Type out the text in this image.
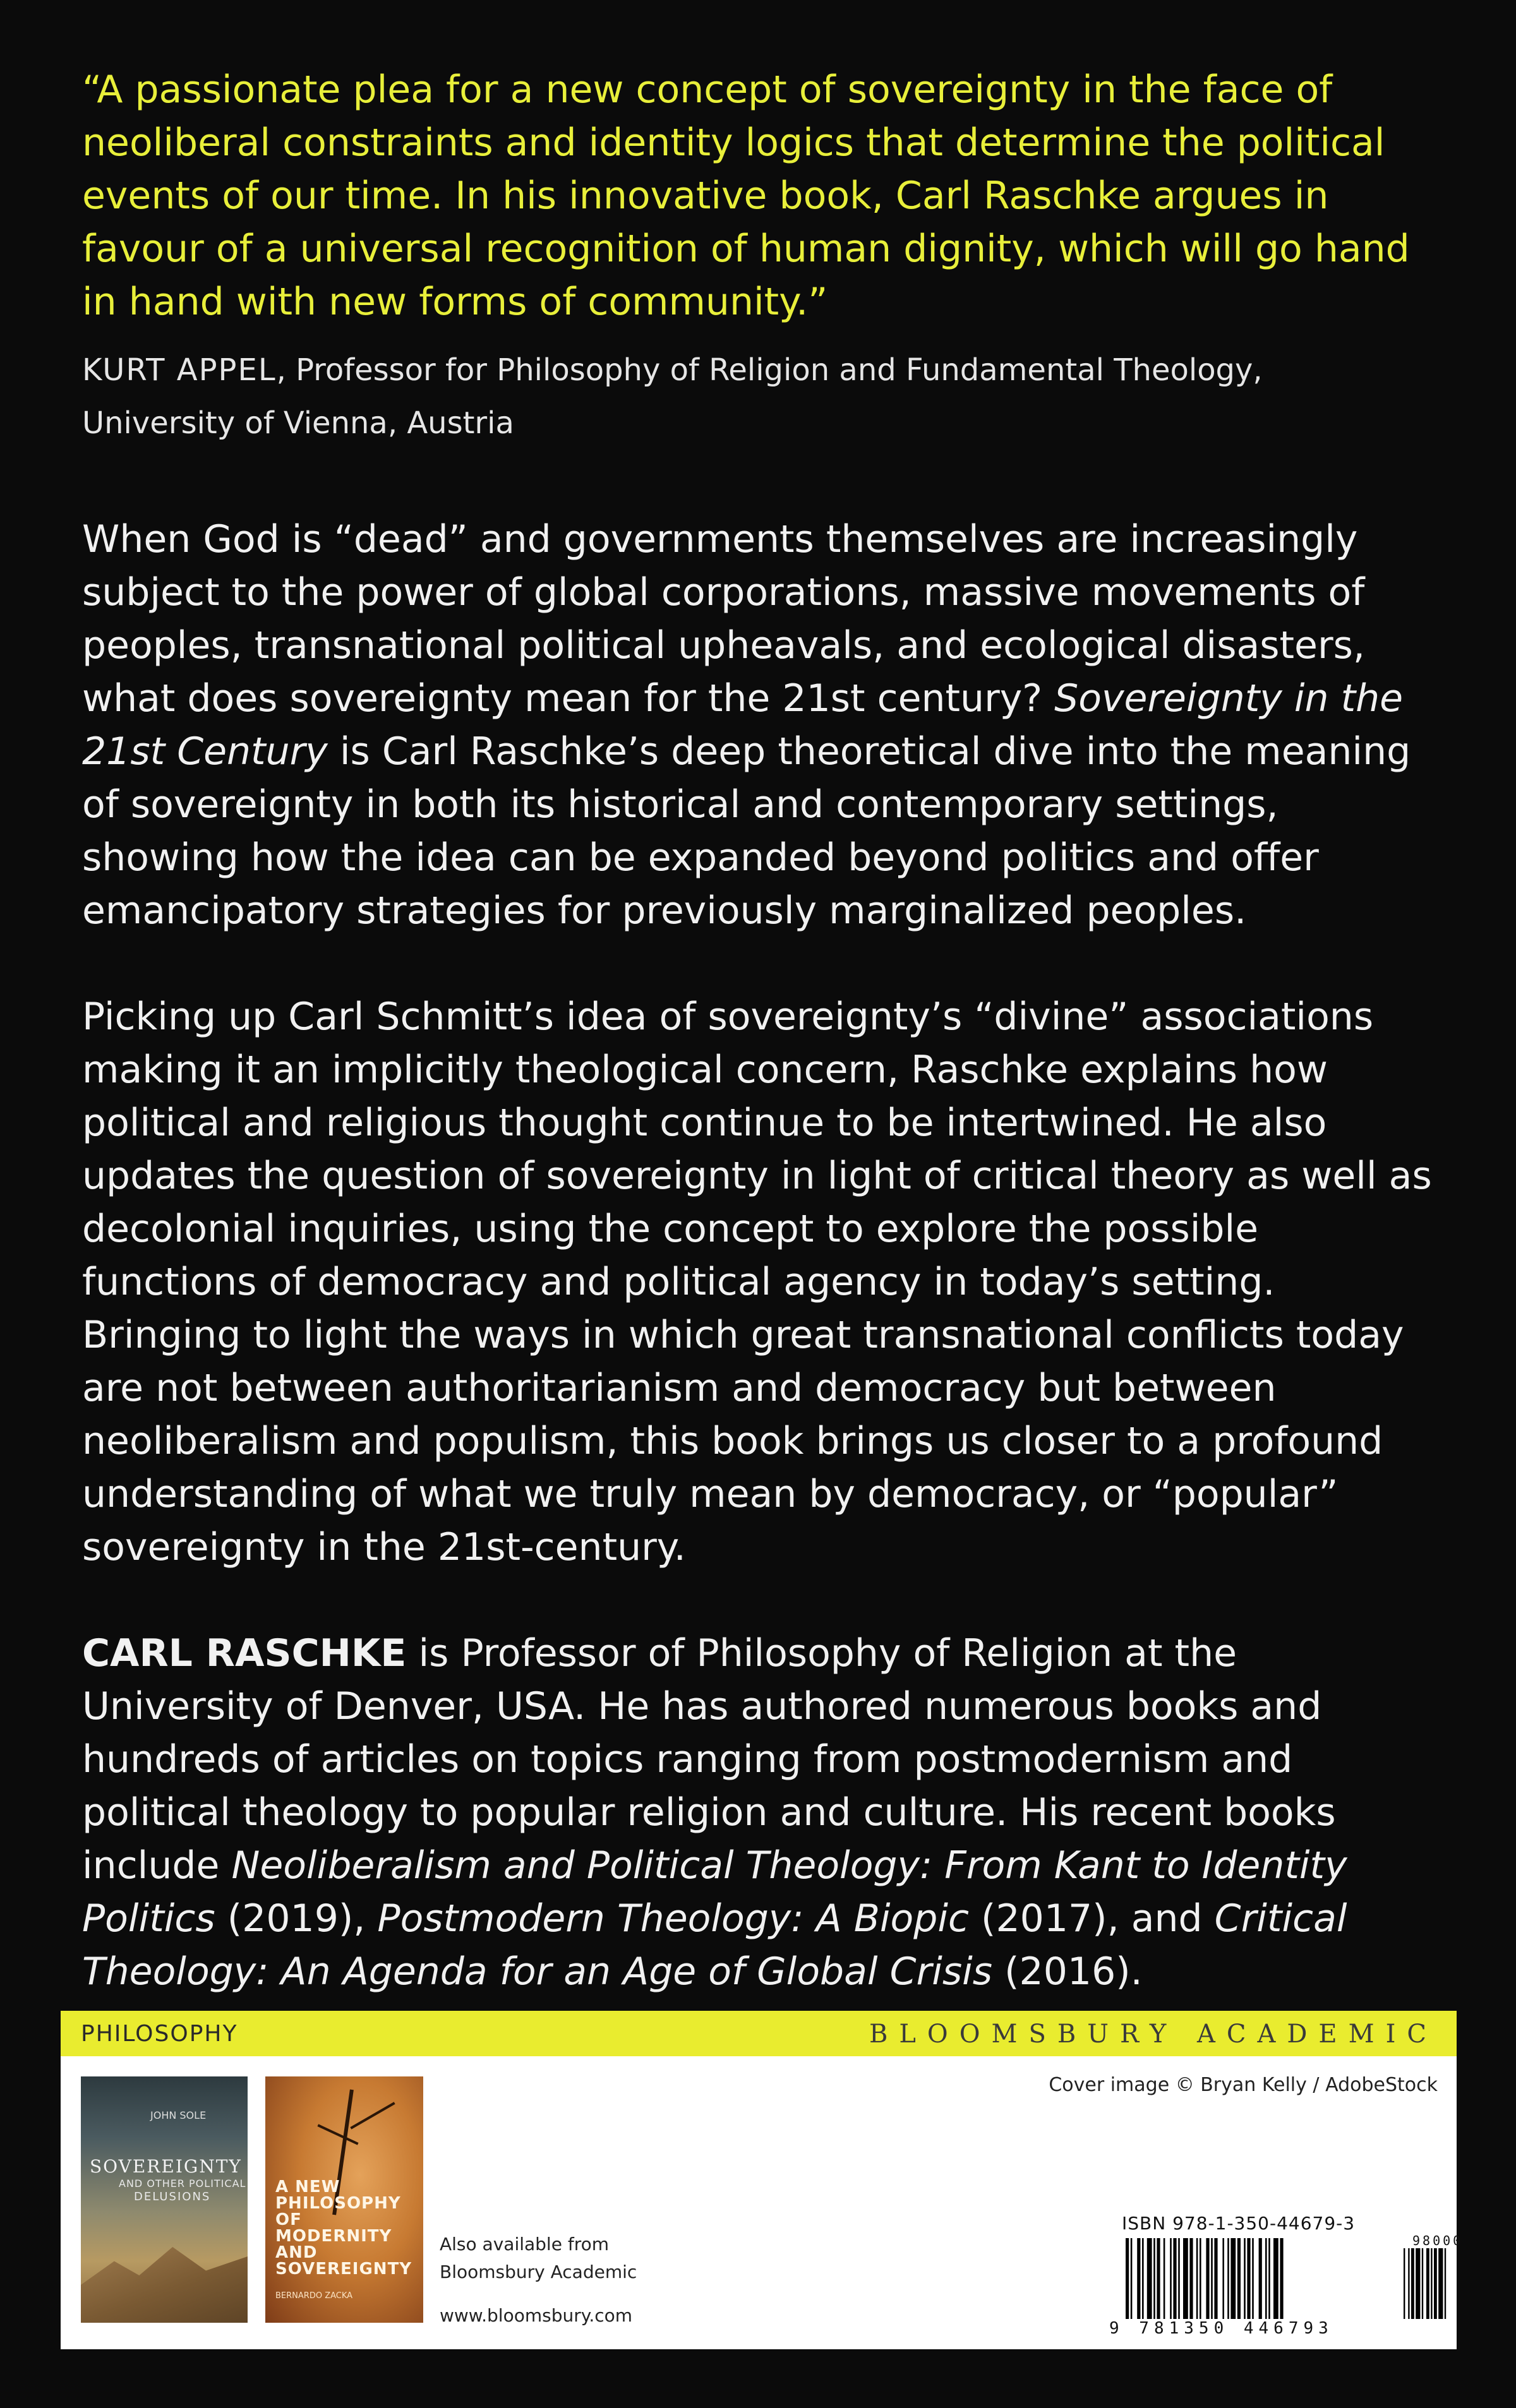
“A passionate plea for a new concept of sovereignty in the face of neoliberal constraints and identity logics that determine the political events of our time. In his innovative book, Carl Raschke argues in favour of a universal recognition of human dignity, which will go hand in hand with new forms of community.”

KURT APPEL, Professor for Philosophy of Religion and Fundamental Theology,
University of Vienna, Austria

When God is “dead” and governments themselves are increasingly subject to the power of global corporations, massive movements of peoples, transnational political upheavals, and ecological disasters, what does sovereignty mean for the 21st century? Sovereignty in the 21st Century is Carl Raschke’s deep theoretical dive into the meaning of sovereignty in both its historical and contemporary settings, showing how the idea can be expanded beyond politics and offer emancipatory strategies for previously marginalized peoples.

Picking up Carl Schmitt’s idea of sovereignty’s “divine” associations making it an implicitly theological concern, Raschke explains how political and religious thought continue to be intertwined. He also updates the question of sovereignty in light of critical theory as well as decolonial inquiries, using the concept to explore the possible functions of democracy and political agency in today’s setting. Bringing to light the ways in which great transnational conflicts today are not between authoritarianism and democracy but between neoliberalism and populism, this book brings us closer to a profound understanding of what we truly mean by democracy, or “popular” sovereignty in the 21st-century.

CARL RASCHKE is Professor of Philosophy of Religion at the University of Denver, USA. He has authored numerous books and hundreds of articles on topics ranging from postmodernism and political theology to popular religion and culture. His recent books include Neoliberalism and Political Theology: From Kant to Identity Politics (2019), Postmodern Theology: A Biopic (2017), and Critical Theology: An Agenda for an Age of Global Crisis (2016).

PHILOSOPHY	BLOOMSBURY ACADEMIC
Cover image © Bryan Kelly / AdobeStock
JOHN SOLE
SOVEREIGNTY
AND OTHER POLITICAL
DELUSIONS
A NEW PHILOSOPHY OF MODERNITY AND SOVEREIGNTY
BERNARDO ZACKA
Also available from
Bloomsbury Academic
www.bloomsbury.com
ISBN 978-1-350-44679-3
98000
9 781350 446793
